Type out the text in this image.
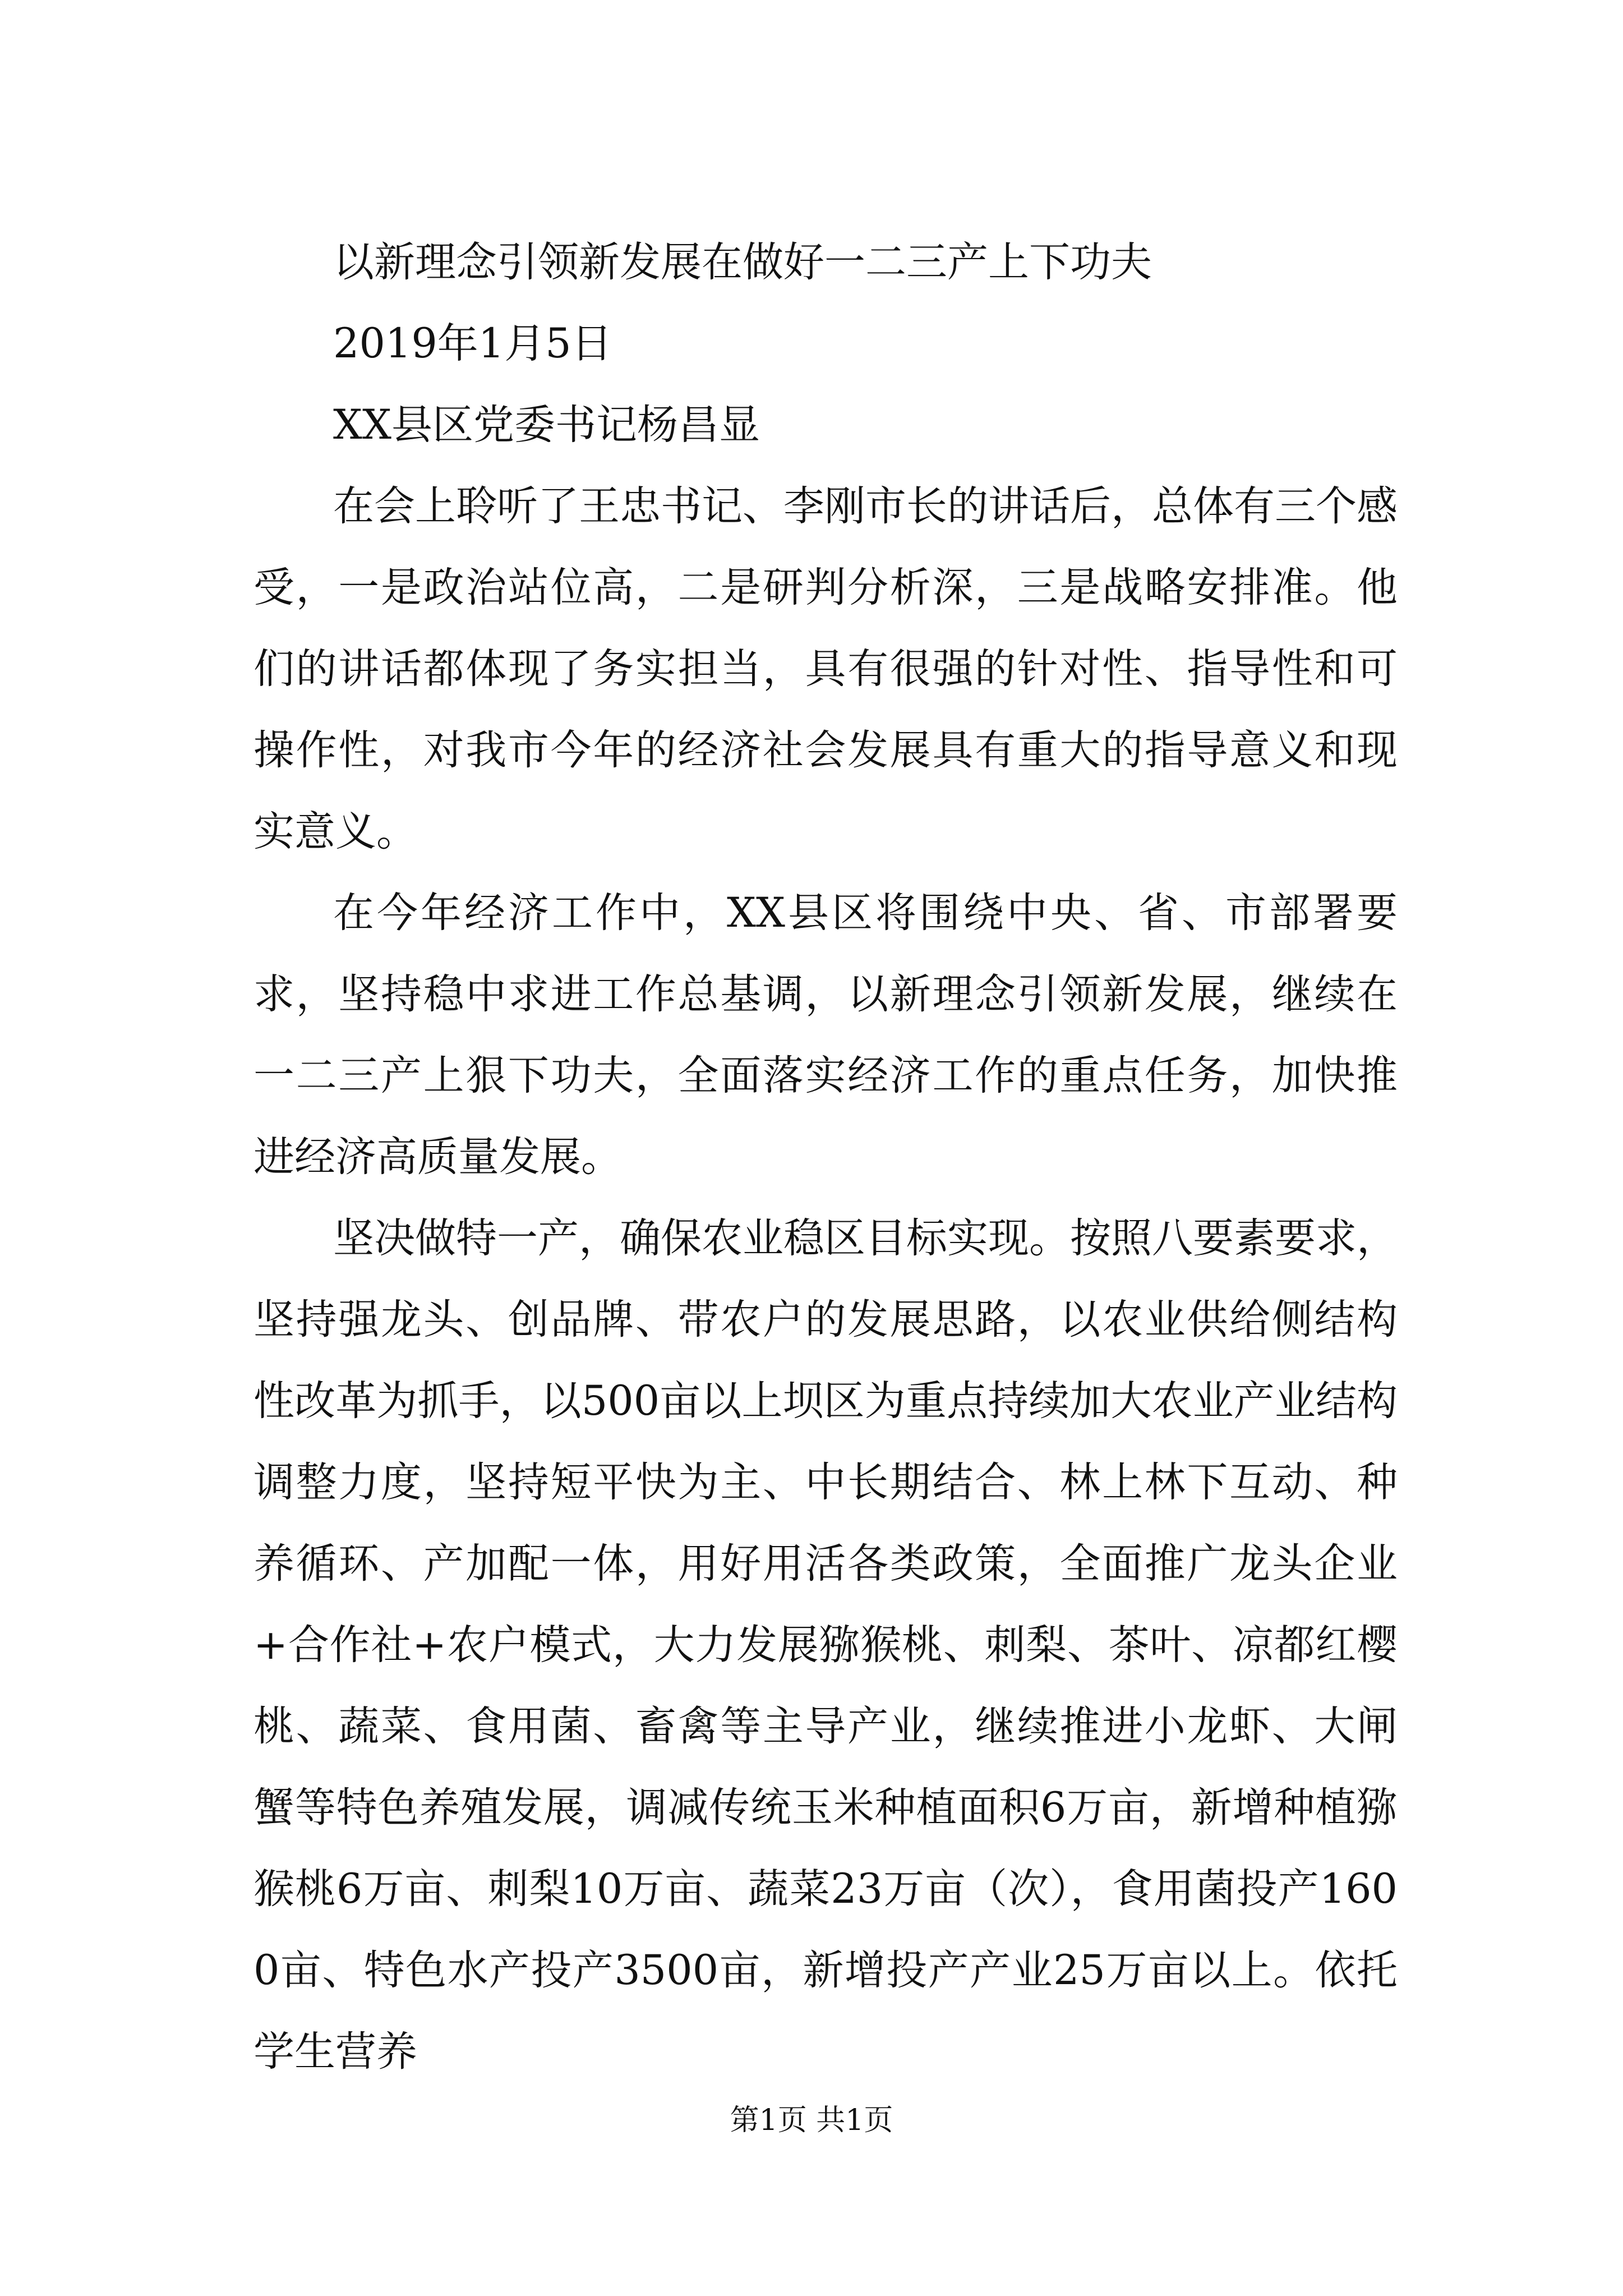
以新理念引领新发展在做好一二三产上下功夫
2019年1月5日
XX县区党委书记杨昌显

在会上聆听了王忠书记、李刚市长的讲话后，总体有三个感受，一是政治站位高，二是研判分析深，三是战略安排准。他们的讲话都体现了务实担当，具有很强的针对性、指导性和可操作性，对我市今年的经济社会发展具有重大的指导意义和现实意义。

在今年经济工作中，XX县区将围绕中央、省、市部署要求，坚持稳中求进工作总基调，以新理念引领新发展，继续在一二三产上狠下功夫，全面落实经济工作的重点任务，加快推进经济高质量发展。

坚决做特一产，确保农业稳区目标实现。按照八要素要求，坚持强龙头、创品牌、带农户的发展思路，以农业供给侧结构性改革为抓手，以500亩以上坝区为重点持续加大农业产业结构调整力度，坚持短平快为主、中长期结合、林上林下互动、种养循环、产加配一体，用好用活各类政策，全面推广龙头企业+合作社+农户模式，大力发展猕猴桃、刺梨、茶叶、凉都红樱桃、蔬菜、食用菌、畜禽等主导产业，继续推进小龙虾、大闸蟹等特色养殖发展，调减传统玉米种植面积6万亩，新增种植猕猴桃6万亩、刺梨10万亩、蔬菜23万亩（次），食用菌投产1600亩、特色水产投产3500亩，新增投产产业25万亩以上。依托学生营养

第1页 共1页
